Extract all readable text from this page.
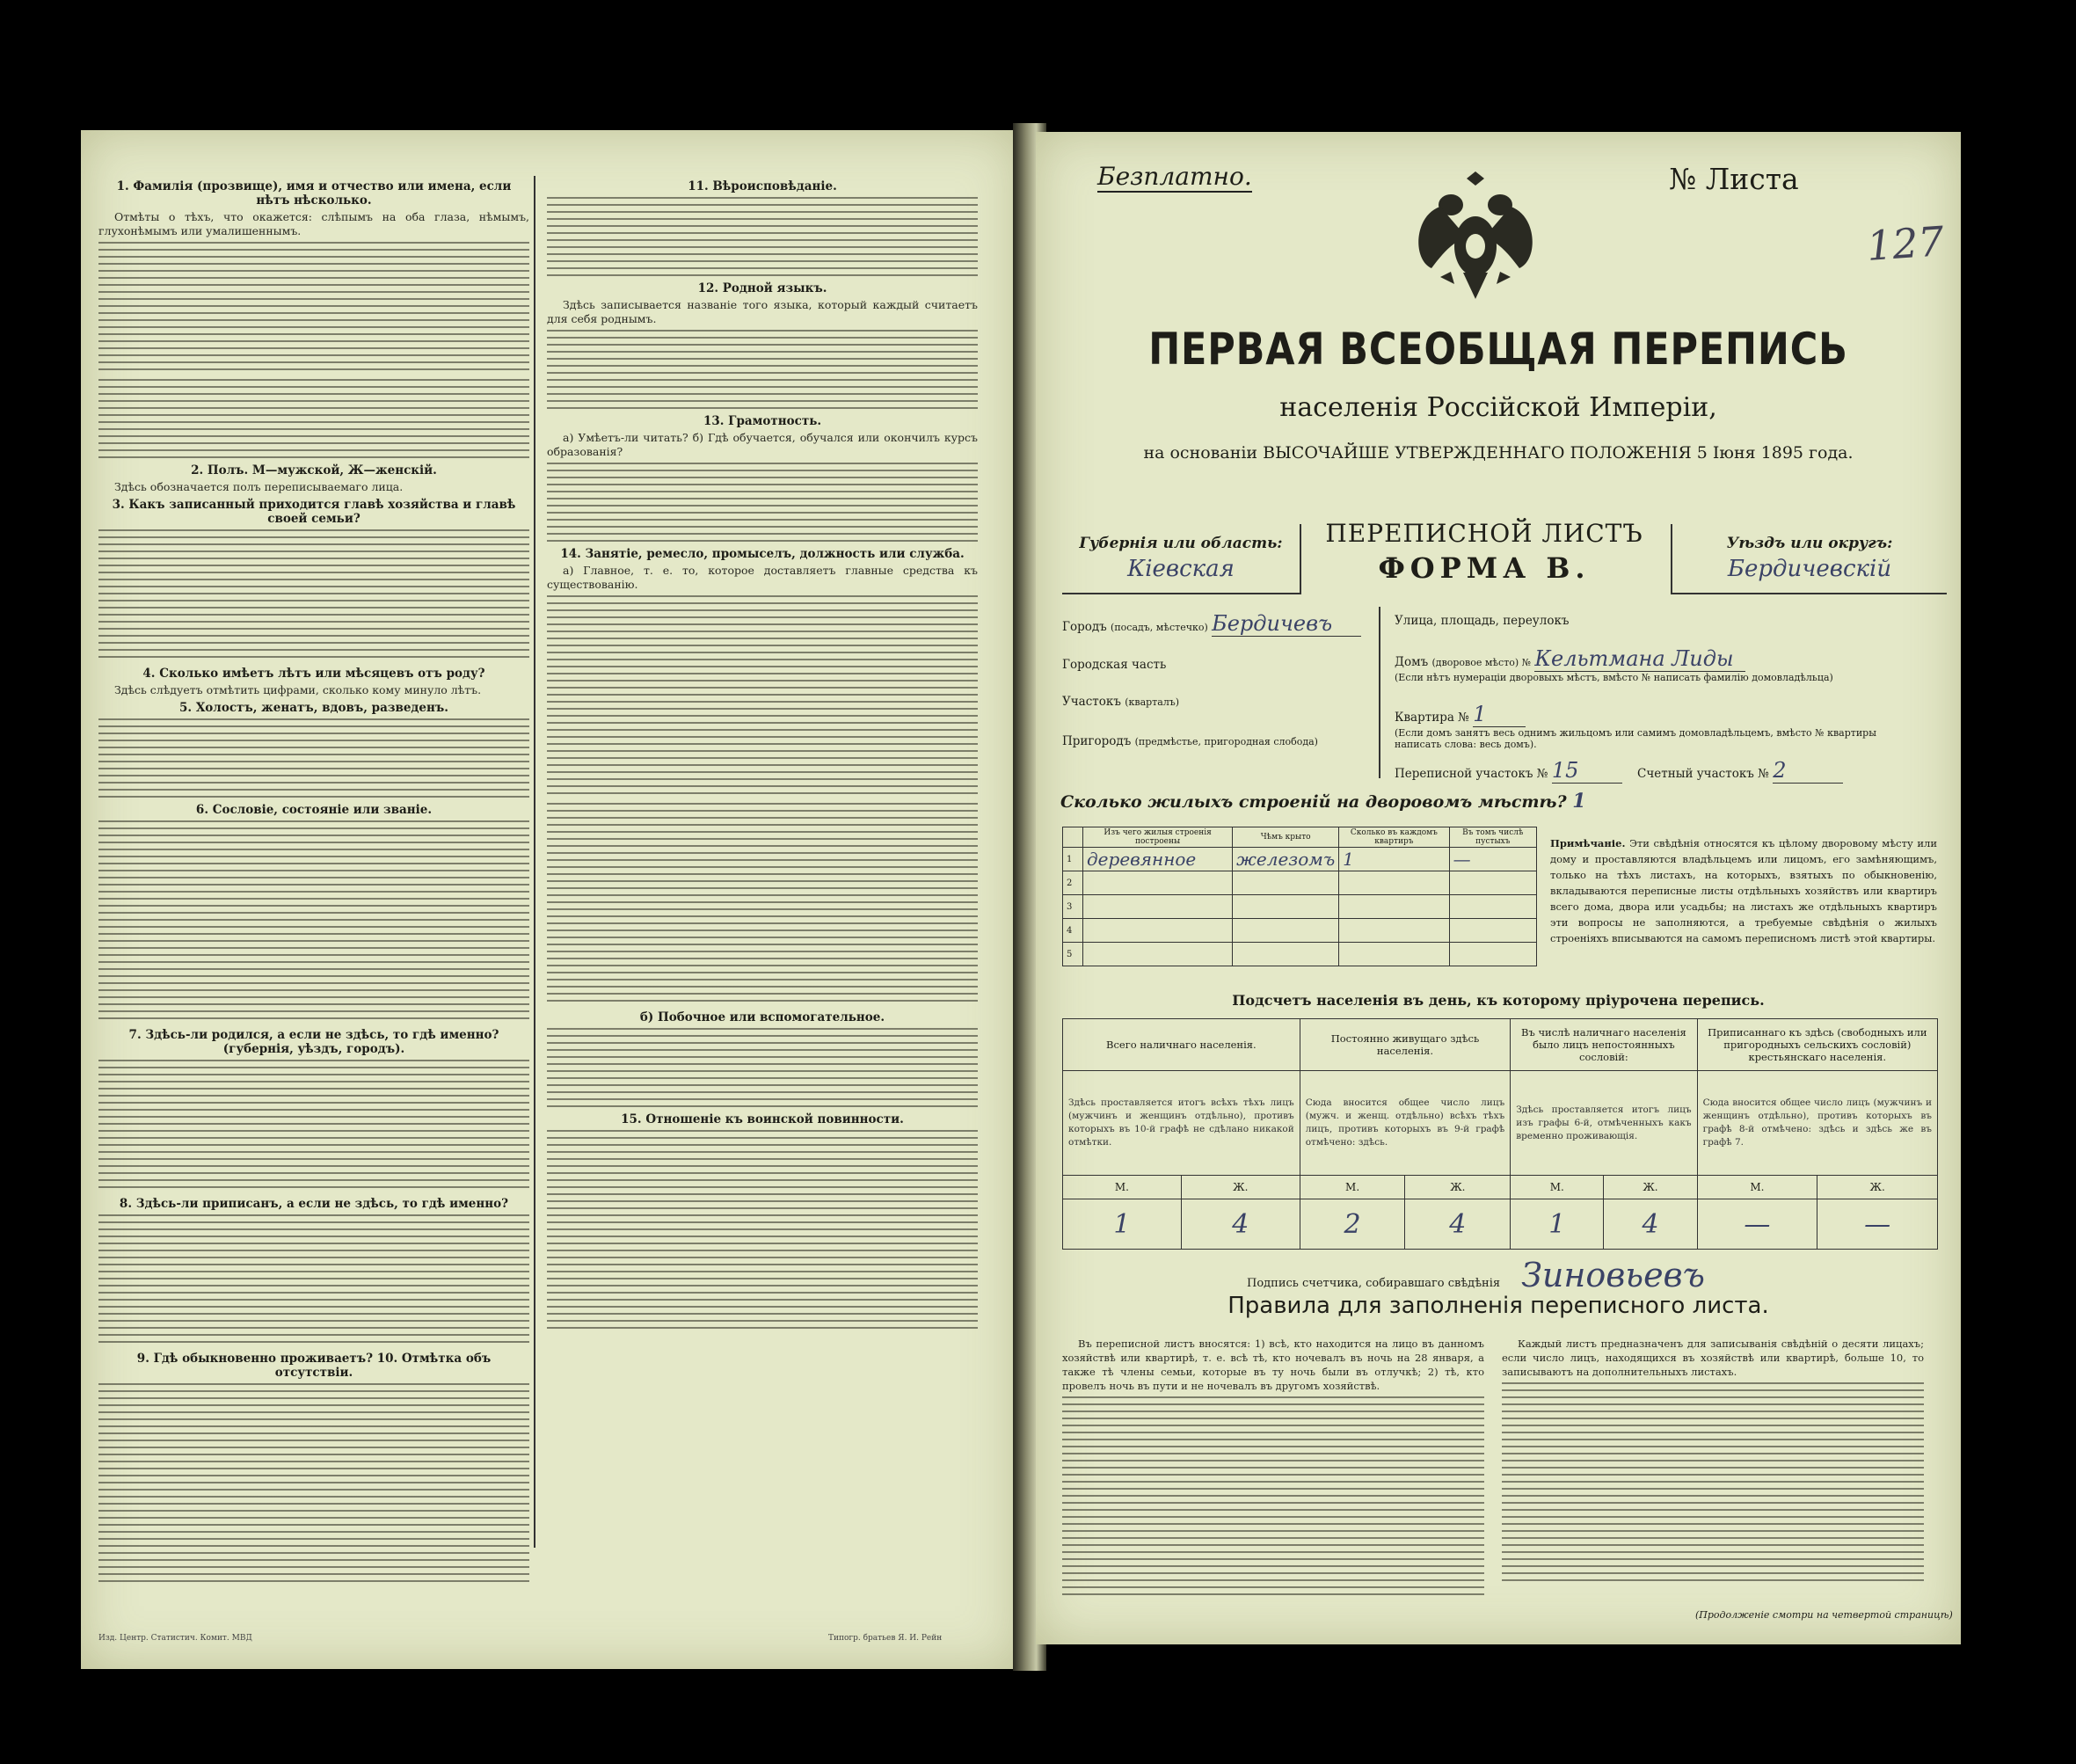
1. Фамилія (прозвище), имя и отчество или имена, если нѣтъ нѣсколько.
Отмѣты о тѣхъ, что окажется: слѣпымъ на оба глаза, нѣмымъ, глухонѣмымъ или умалишеннымъ.
2. Полъ. М—мужской, Ж—женскій.
Здѣсь обозначается полъ переписываемаго лица.
3. Какъ записанный приходится главѣ хозяйства и главѣ своей семьи?
4. Сколько имѣетъ лѣтъ или мѣсяцевъ отъ роду?
Здѣсь слѣдуетъ отмѣтить цифрами, сколько кому минуло лѣтъ.
5. Холостъ, женатъ, вдовъ, разведенъ.
6. Сословіе, состояніе или званіе.
7. Здѣсь-ли родился, а если не здѣсь, то гдѣ именно? (губернія, уѣздъ, городъ).
8. Здѣсь-ли приписанъ, а если не здѣсь, то гдѣ именно?
9. Гдѣ обыкновенно проживаетъ? 10. Отмѣтка объ отсутствіи.
11. Вѣроисповѣданіе.
12. Родной языкъ.
Здѣсь записывается названіе того языка, который каждый считаетъ для себя роднымъ.
13. Грамотность.
а) Умѣетъ-ли читать? б) Гдѣ обучается, обучался или окончилъ курсъ образованія?
14. Занятіе, ремесло, промыселъ, должность или служба.
а) Главное, т. е. то, которое доставляетъ главные средства къ существованію.
б) Побочное или вспомогательное.
15. Отношеніе къ воинской повинности.
Изд. Центр. Статистич. Комит. МВД	Типогр. братьев Я. И. Рейн
Безплатно.	№ Листа
127
ПЕРВАЯ ВСЕОБЩАЯ ПЕРЕПИСЬ
населенія Россійской Имперіи,
на основаніи ВЫСОЧАЙШЕ УТВЕРЖДЕННАГО ПОЛОЖЕНІЯ 5 Іюня 1895 года.
Губернія или область:
Кіевская
ПЕРЕПИСНОЙ ЛИСТЪ
ФОРМА В.
Уѣздъ или округъ:
Бердичевскій
Городъ (посадъ, мѣстечко) Бердичевъ
Городская часть
Участокъ (кварталъ)
Пригородъ (предмѣстье, пригородная слобода)
Улица, площадь, переулокъ
Домъ (дворовое мѣсто) № Кельтмана Лиды
(Если нѣтъ нумераціи дворовыхъ мѣстъ, вмѣсто № написать фамилію домовладѣльца)
Квартира № 1
(Если домъ занятъ весь однимъ жильцомъ или самимъ домовладѣльцемъ, вмѣсто № квартиры написать слова: весь домъ).
Переписной участокъ № 15	Счетный участокъ № 2
Сколько жилыхъ строеній на дворовомъ мѣстѣ? 1
	Изъ чего жилыя строенія построены	Чѣмъ крыто	Сколько въ каждомъ квартиръ	Въ томъ числѣ пустыхъ
1	деревянное	железомъ	1	—
2				
3				
4				
5				
Примѣчаніе. Эти свѣдѣнія относятся къ цѣлому дворовому мѣсту или дому и проставляются владѣльцемъ или лицомъ, его замѣняющимъ, только на тѣхъ листахъ, на которыхъ, взятыхъ по обыкновенію, вкладываются переписные листы отдѣльныхъ хозяйствъ или квартиръ всего дома, двора или усадьбы; на листахъ же отдѣльныхъ квартиръ эти вопросы не заполняются, а требуемые свѣдѣнія о жилыхъ строеніяхъ вписываются на самомъ переписномъ листѣ этой квартиры.
Подсчетъ населенія въ день, къ которому пріурочена перепись.
Всего наличнаго населенія.		Постоянно живущаго здѣсь населенія.		Въ числѣ наличнаго населенія было лицъ непостоянныхъ сословій:		Приписаннаго къ здѣсь (свободныхъ или пригородныхъ сельскихъ сословій) крестьянскаго населенія.	
Здѣсь проставляется итогъ всѣхъ тѣхъ лицъ (мужчинъ и женщинъ отдѣльно), противъ которыхъ въ 10-й графѣ не сдѣлано никакой отмѣтки.		Сюда вносится общее число лицъ (мужч. и женщ. отдѣльно) всѣхъ тѣхъ лицъ, противъ которыхъ въ 9-й графѣ отмѣчено: здѣсь.		Здѣсь проставляется итогъ лицъ изъ графы 6-й, отмѣченныхъ какъ временно проживающія.		Сюда вносится общее число лицъ (мужчинъ и женщинъ отдѣльно), противъ которыхъ въ графѣ 8-й отмѣчено: здѣсь и здѣсь же въ графѣ 7.	
М.	Ж.	М.	Ж.	М.	Ж.	М.	Ж.
1	4	2	4	1	4	—	—
Подпись счетчика, собиравшаго свѣдѣнія Зиновьевъ
Правила для заполненія переписного листа.
Въ переписной листъ вносятся: 1) всѣ, кто находится на лицо въ данномъ хозяйствѣ или квартирѣ, т. е. всѣ тѣ, кто ночевалъ въ ночь на 28 января, а также тѣ члены семьи, которые въ ту ночь были въ отлучкѣ; 2) тѣ, кто провелъ ночь въ пути и не ночевалъ въ другомъ хозяйствѣ.
Каждый листъ предназначенъ для записыванія свѣдѣній о десяти лицахъ; если число лицъ, находящихся въ хозяйствѣ или квартирѣ, больше 10, то записываютъ на дополнительныхъ листахъ.
(Продолженіе смотри на четвертой страницѣ)
